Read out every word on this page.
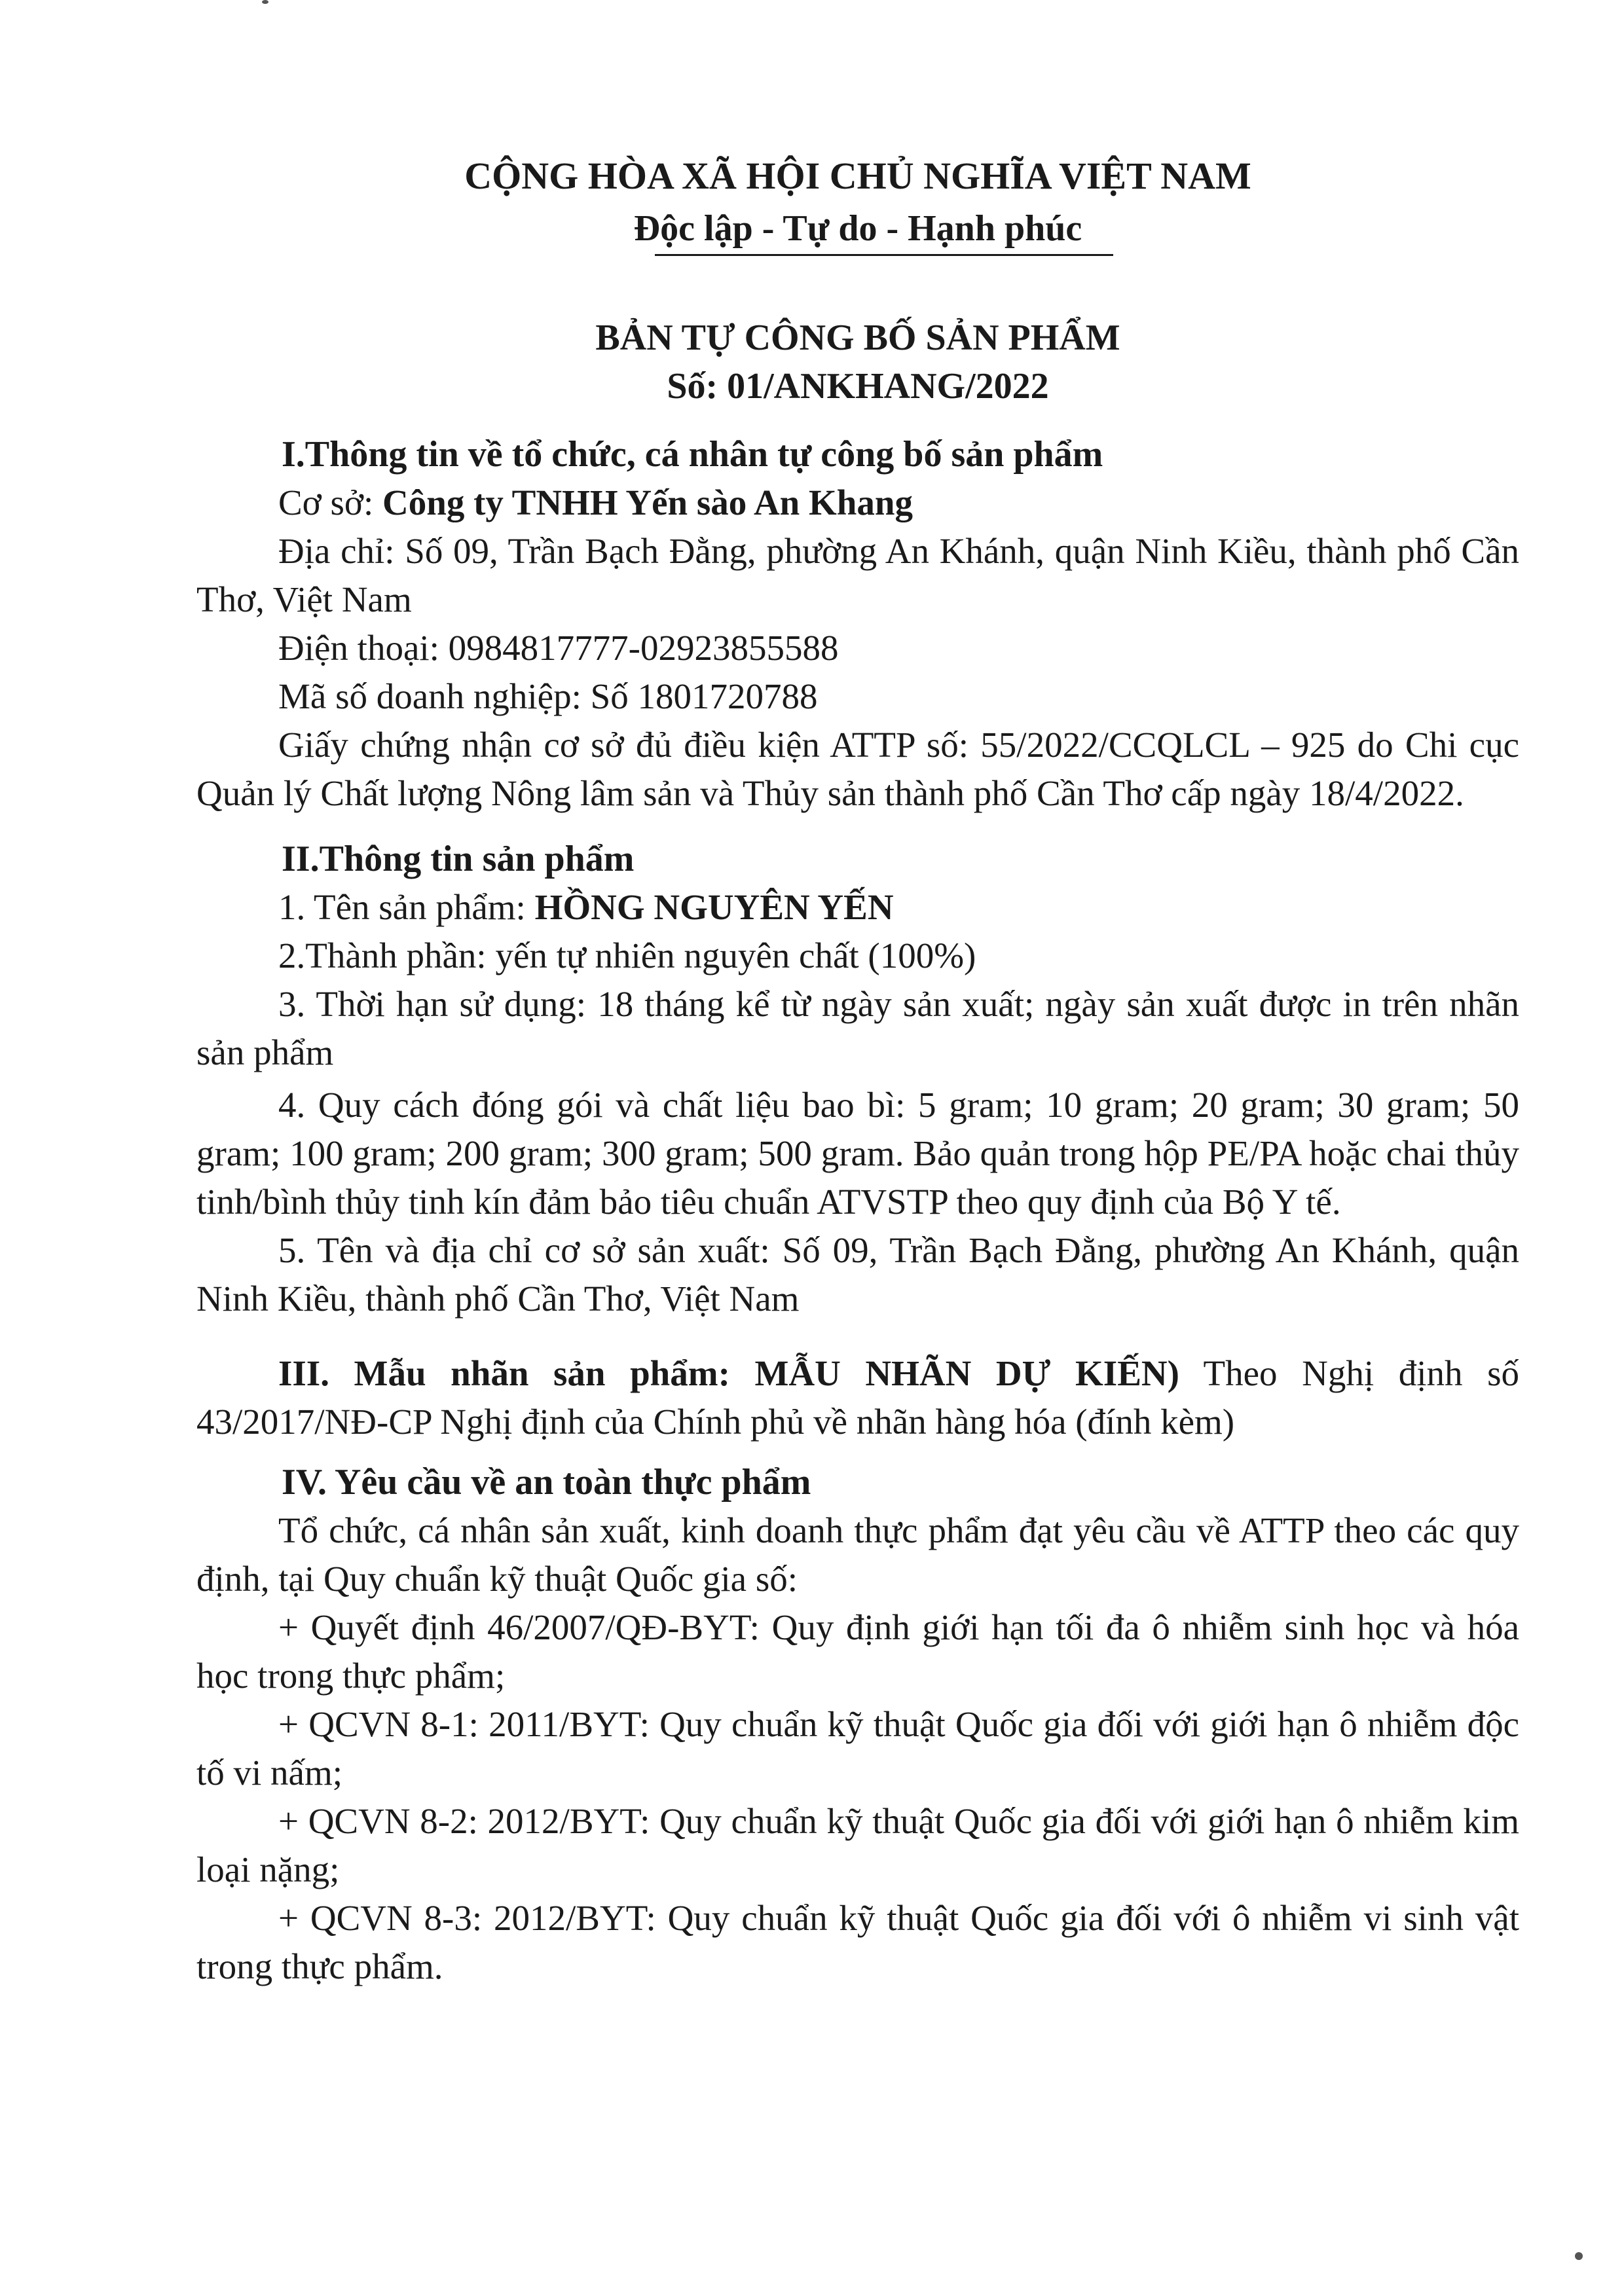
CỘNG HÒA XÃ HỘI CHỦ NGHĨA VIỆT NAM
Độc lập - Tự do - Hạnh phúc
BẢN TỰ CÔNG BỐ SẢN PHẨM
Số: 01/ANKHANG/2022
I.Thông tin về tổ chức, cá nhân tự công bố sản phẩm

Cơ sở: Công ty TNHH Yến sào An Khang

Địa chỉ: Số 09, Trần Bạch Đằng, phường An Khánh, quận Ninh Kiều, thành phố Cần Thơ, Việt Nam

Điện thoại: 0984817777-02923855588

Mã số doanh nghiệp: Số 1801720788

Giấy chứng nhận cơ sở đủ điều kiện ATTP số: 55/2022/CCQLCL – 925 do Chi cục Quản lý Chất lượng Nông lâm sản và Thủy sản thành phố Cần Thơ cấp ngày 18/4/2022.

II.Thông tin sản phẩm

1. Tên sản phẩm: HỒNG NGUYÊN YẾN

2.Thành phần: yến tự nhiên nguyên chất (100%)

3. Thời hạn sử dụng: 18 tháng kể từ ngày sản xuất; ngày sản xuất được in trên nhãn sản phẩm

4. Quy cách đóng gói và chất liệu bao bì: 5 gram; 10 gram; 20 gram; 30 gram; 50 gram; 100 gram; 200 gram; 300 gram; 500 gram. Bảo quản trong hộp PE/PA hoặc chai thủy tinh/bình thủy tinh kín đảm bảo tiêu chuẩn ATVSTP theo quy định của Bộ Y tế.

5. Tên và địa chỉ cơ sở sản xuất: Số 09, Trần Bạch Đằng, phường An Khánh, quận Ninh Kiều, thành phố Cần Thơ, Việt Nam

III. Mẫu nhãn sản phẩm: MẪU NHÃN DỰ KIẾN) Theo Nghị định số 43/2017/NĐ-CP Nghị định của Chính phủ về nhãn hàng hóa (đính kèm)

IV. Yêu cầu về an toàn thực phẩm

Tổ chức, cá nhân sản xuất, kinh doanh thực phẩm đạt yêu cầu về ATTP theo các quy định, tại Quy chuẩn kỹ thuật Quốc gia số:

+ Quyết định 46/2007/QĐ-BYT: Quy định giới hạn tối đa ô nhiễm sinh học và hóa học trong thực phẩm;

+ QCVN 8-1: 2011/BYT: Quy chuẩn kỹ thuật Quốc gia đối với giới hạn ô nhiễm độc tố vi nấm;

+ QCVN 8-2: 2012/BYT: Quy chuẩn kỹ thuật Quốc gia đối với giới hạn ô nhiễm kim loại nặng;

+ QCVN 8-3: 2012/BYT: Quy chuẩn kỹ thuật Quốc gia đối với ô nhiễm vi sinh vật trong thực phẩm.
